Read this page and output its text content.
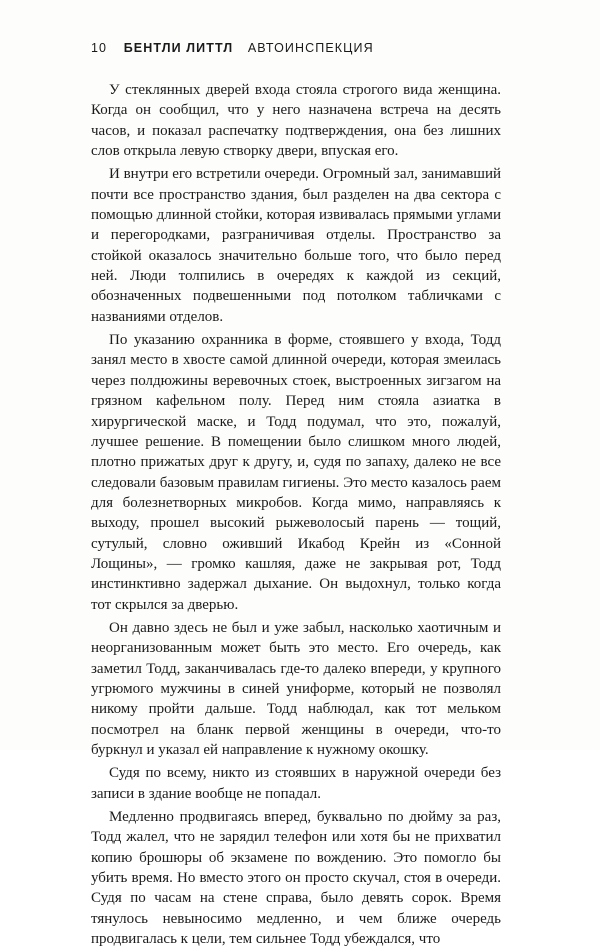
10 БЕНТЛИ ЛИТТЛ АВТОИНСПЕКЦИЯ

У стеклянных дверей входа стояла строгого вида женщина. Когда он сообщил, что у него назначена встреча на десять часов, и показал распечатку подтверждения, она без лишних слов открыла левую створку двери, впуская его.

И внутри его встретили очереди. Огромный зал, занимавший почти все пространство здания, был разделен на два сектора с помощью длинной стойки, которая извивалась прямыми углами и перегородками, разграничивая отделы. Пространство за стойкой оказалось значительно больше того, что было перед ней. Люди толпились в очередях к каждой из секций, обозначенных подвешенными под потолком табличками с названиями отделов.

По указанию охранника в форме, стоявшего у входа, Тодд занял место в хвосте самой длинной очереди, которая змеилась через полдюжины веревочных стоек, выстроенных зигзагом на грязном кафельном полу. Перед ним стояла азиатка в хирургической маске, и Тодд подумал, что это, пожалуй, лучшее решение. В помещении было слишком много людей, плотно прижатых друг к другу, и, судя по запаху, далеко не все следовали базовым правилам гигиены. Это место казалось раем для болезнетворных микробов. Когда мимо, направляясь к выходу, прошел высокий рыжеволосый парень — тощий, сутулый, словно оживший Икабод Крейн из «Сонной Лощины», — громко кашляя, даже не закрывая рот, Тодд инстинктивно задержал дыхание. Он выдохнул, только когда тот скрылся за дверью.

Он давно здесь не был и уже забыл, насколько хаотичным и неорганизованным может быть это место. Его очередь, как заметил Тодд, заканчивалась где-то далеко впереди, у крупного угрюмого мужчины в синей униформе, который не позволял никому пройти дальше. Тодд наблюдал, как тот мельком посмотрел на бланк первой женщины в очереди, что-то буркнул и указал ей направление к нужному окошку.

Судя по всему, никто из стоявших в наружной очереди без записи в здание вообще не попадал.

Медленно продвигаясь вперед, буквально по дюйму за раз, Тодд жалел, что не зарядил телефон или хотя бы не прихватил копию брошюры об экзамене по вождению. Это помогло бы убить время. Но вместо этого он просто скучал, стоя в очереди. Судя по часам на стене справа, было девять сорок. Время тянулось невыносимо медленно, и чем ближе очередь продвигалась к цели, тем сильнее Тодд убеждался, что
